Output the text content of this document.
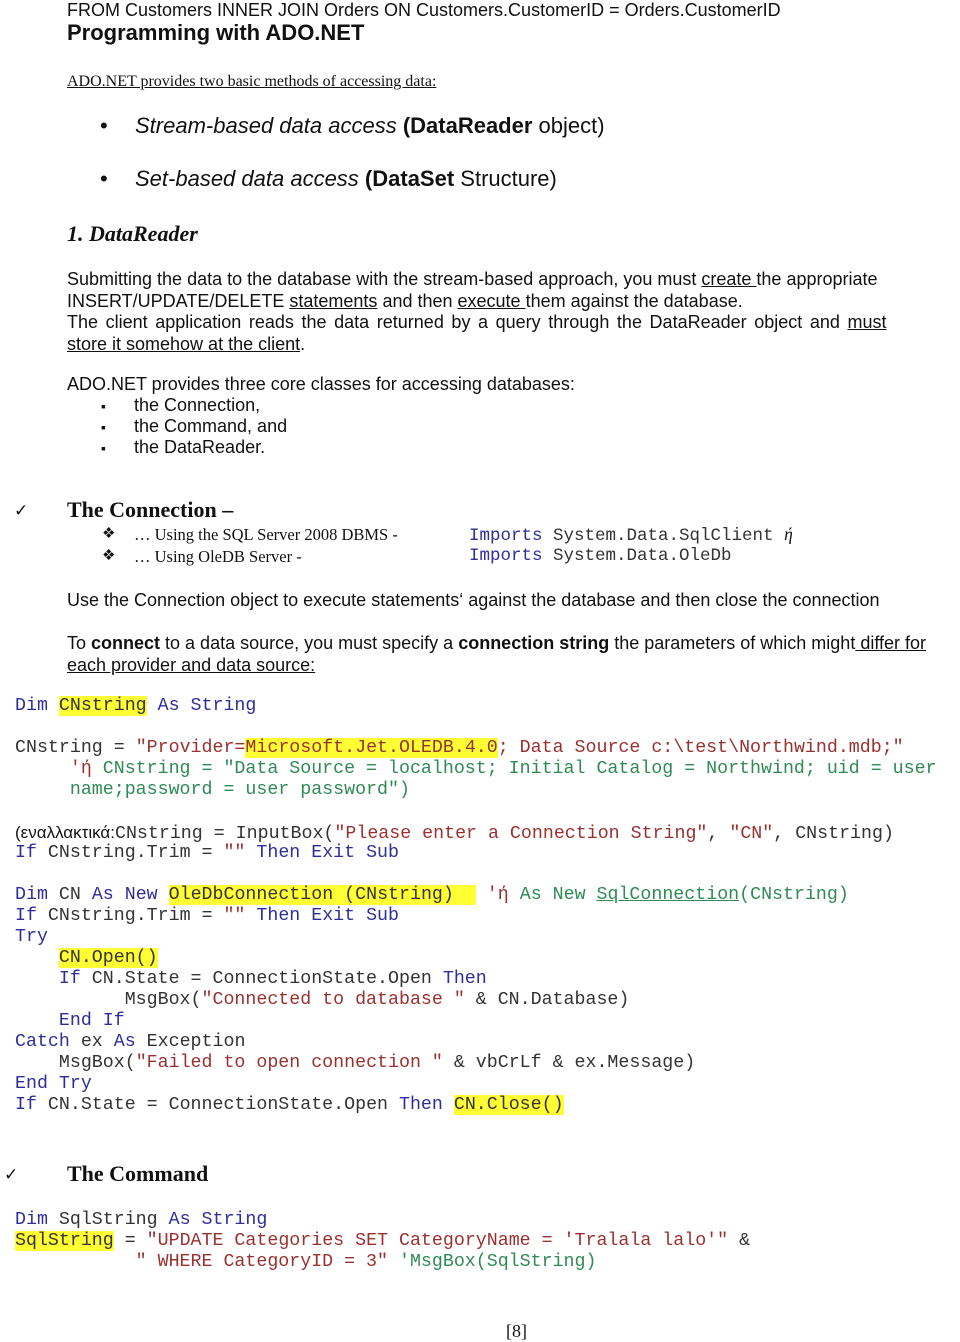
FROM Customers INNER JOIN Orders ON Customers.CustomerID = Orders.CustomerID
Programming with ADO.NET
ADO.NET provides two basic methods of accessing data:
• Stream-based data access (DataReader object)
• Set-based data access (DataSet Structure)
1. DataReader
Submitting the data to the database with the stream-based approach, you must create the appropriate
INSERT/UPDATE/DELETE statements and then execute them against the database.
The client application reads the data returned by a query through the DataReader object and must
store it somehow at the client.
ADO.NET provides three core classes for accessing databases:
▪ the Connection,
▪ the Command, and
▪ the DataReader.
✓ The Connection –
❖ … Using the SQL Server 2008 DBMS -	Imports System.Data.SqlClient ή
❖ … Using OleDB Server -	Imports System.Data.OleDb
Use the Connection object to execute statements‘ against the database and then close the connection
To connect to a data source, you must specify a connection string the parameters of which might differ for
each provider and data source:
Dim CNstring As String
CNstring = "Provider=Microsoft.Jet.OLEDB.4.0; Data Source c:\test\Northwind.mdb;"
'ή CNstring = "Data Source = localhost; Initial Catalog = Northwind; uid = user
name;password = user password")
(εναλλακτικά:CNstring = InputBox("Please enter a Connection String", "CN", CNstring)
If CNstring.Trim = "" Then Exit Sub
Dim CN As New OleDbConnection (CNstring)   'ή As New SqlConnection(CNstring)
If CNstring.Trim = "" Then Exit Sub
Try
CN.Open()
If CN.State = ConnectionState.Open Then
MsgBox("Connected to database " & CN.Database)
End If
Catch ex As Exception
MsgBox("Failed to open connection " & vbCrLf & ex.Message)
End Try
If CN.State = ConnectionState.Open Then CN.Close()
✓ The Command
Dim SqlString As String
SqlString = "UPDATE Categories SET CategoryName = 'Tralala lalo'" &
" WHERE CategoryID = 3" 'MsgBox(SqlString)
[8]
